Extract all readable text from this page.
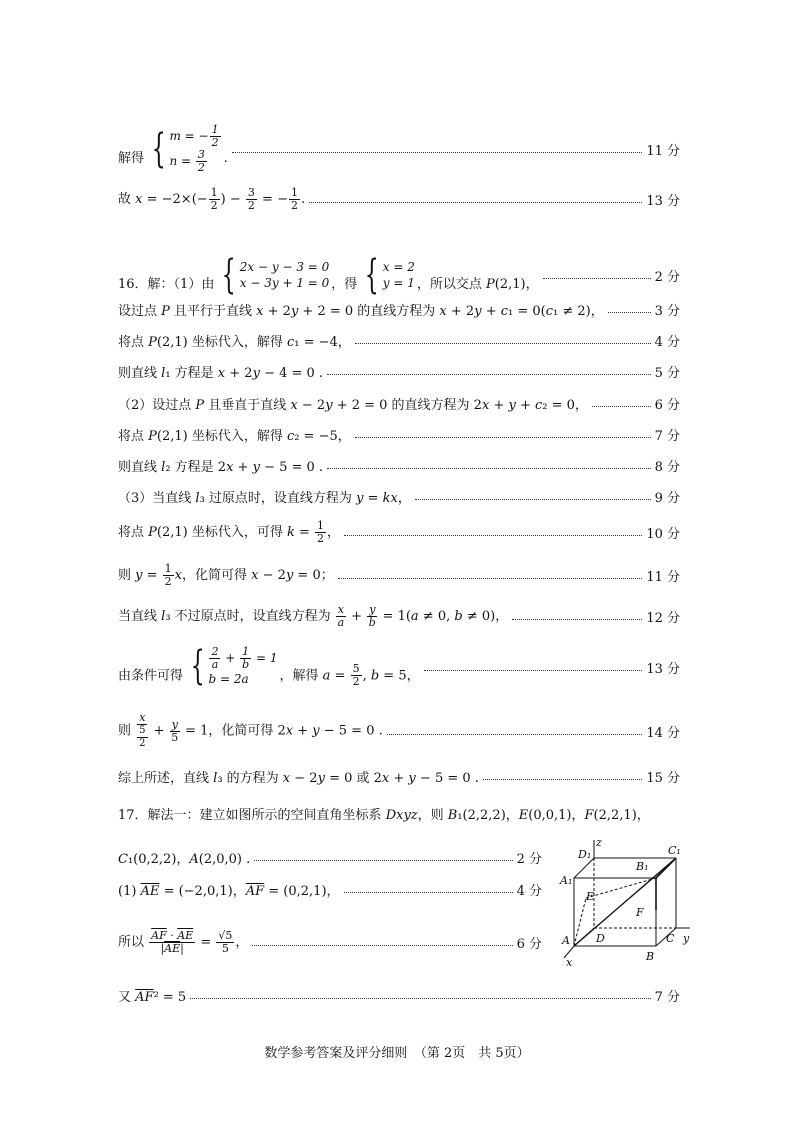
解得 { m = − $\frac{1}{2}$
$n = \frac{3}{2}$ .	11 分
故 $x = -2\times(- \frac{1}{2}$ ) − $\frac{3}{2}$ = − $\frac{1}{2}$ .	13 分
16．解：（1）由 { 2x − y − 3 = 0
x − 3y + 1 = 0 ，得 { x = 2
y = 1 ，所以交点 P(2,1)，	2 分
设过点 P 且平行于直线 x + 2y + 2 = 0 的直线方程为 x + 2y + c₁ = 0(c₁ ≠ 2)，	3 分
将点 P(2,1) 坐标代入，解得 c₁ = −4，	4 分
则直线 l₁ 方程是 x + 2y − 4 = 0 .	5 分
（2）设过点 P 且垂直于直线 x − 2y + 2 = 0 的直线方程为 2x + y + c₂ = 0，	6 分
将点 P(2,1) 坐标代入，解得 c₂ = −5，	7 分
则直线 l₂ 方程是 2x + y − 5 = 0 .	8 分
（3）当直线 l₃ 过原点时，设直线方程为 y = kx，	9 分
将点 P(2,1) 坐标代入，可得 $k = \frac{1}{2}$ ，	10 分
则 $y = \frac{1}{2}$ x，化简可得 x − 2y = 0；	11 分
当直线 l₃ 不过原点时，设直线方程为 $\frac{x}{a} + \frac{y}{b} = 1(a \ne 0$, b ≠ 0)，	12 分
由条件可得 { $\frac{2}{a} + \frac{1}{b} = 1$
b = 2a	，解得 $a = \frac{5}{2}$ , b = 5，	13 分
则 $\frac{x}{\frac{5}{2}} + \frac{y}{5} = 1$，化简可得 2x + y − 5 = 0 .	14 分
综上所述，直线 l₃ 的方程为 x − 2y = 0 或 2x + y − 5 = 0 .	15 分
17．解法一：建立如图所示的空间直角坐标系 Dxyz，则 B₁(2,2,2)，E(0,0,1)，F(2,2,1)，
C₁(0,2,2)，A(2,0,0) .	2 分
(1) $\overline{AE} = (-2,0,1)$，$\overline{AF} = (0,2,1)$，	4 分
所以 $\frac{\overline{AF} \cdot \overline{AE}}{|\overline{AE}|} = \frac{√5}{5}$ ，	6 分
又 $\overline{AF}^2 = 5$	7 分
z
D₁
B₁
C₁
A₁
E
F
A D	C
B
y
x
数学参考答案及评分细则　（第 2页　共 5页）
